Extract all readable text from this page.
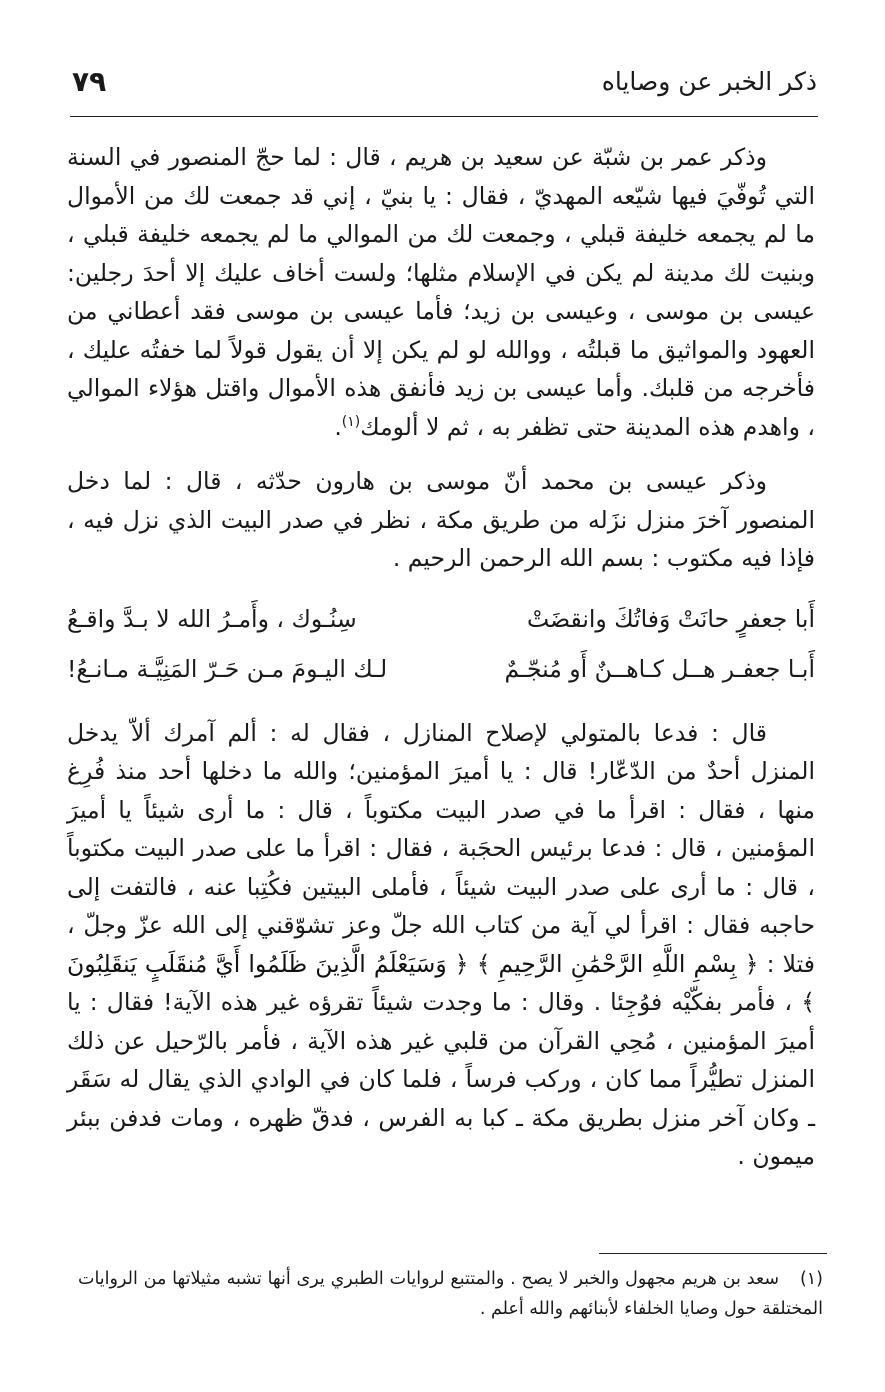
ذكر الخبر عن وصاياه
٧٩

وذكر عمر بن شبّة عن سعيد بن هريم ، قال : لما حجّ المنصور في السنة التي تُوفّيَ فيها شيّعه المهديّ ، فقال : يا بنيّ ، إني قد جمعت لك من الأموال ما لم يجمعه خليفة قبلي ، وجمعت لك من الموالي ما لم يجمعه خليفة قبلي ، وبنيت لك مدينة لم يكن في الإسلام مثلها؛ ولست أخاف عليك إلا أحدَ رجلين: عيسى بن موسى ، وعيسى بن زيد؛ فأما عيسى بن موسى فقد أعطاني من العهود والمواثيق ما قبلتُه ، ووالله لو لم يكن إلا أن يقول قولاً لما خفتُه عليك ، فأخرجه من قلبك. وأما عيسى بن زيد فأنفق هذه الأموال واقتل هؤلاء الموالي ، واهدم هذه المدينة حتى تظفر به ، ثم لا ألومك$^{(١)}$.

وذكر عيسى بن محمد أنّ موسى بن هارون حدّثه ، قال : لما دخل المنصور آخرَ منزل نزَله من طريق مكة ، نظر في صدر البيت الذي نزل فيه ، فإذا فيه مكتوب : بسم الله الرحمن الرحيم .

أَبا جعفرٍ حانَتْ وَفاتُكَ وانقضَتْ
سِنُـوك ، وأَمـرُ الله لا بـدَّ واقـعُ
أَبـا جعفـر هــل كـاهــنٌ أَو مُنجّـمٌ
لـك اليـومَ مـن حَـرّ المَنِيَّـة مـانـعُ!

قال : فدعا بالمتولي لإصلاح المنازل ، فقال له : ألم آمرك ألاّ يدخل المنزل أحدٌ من الدّعّار! قال : يا أميرَ المؤمنين؛ والله ما دخلها أحد منذ فُرِغ منها ، فقال : اقرأ ما في صدر البيت مكتوباً ، قال : ما أرى شيئاً يا أميرَ المؤمنين ، قال : فدعا برئيس الحجَبة ، فقال : اقرأ ما على صدر البيت مكتوباً ، قال : ما أرى على صدر البيت شيئاً ، فأملى البيتين فكُتِبا عنه ، فالتفت إلى حاجبه فقال : اقرأ لي آية من كتاب الله جلّ وعز تشوّقني إلى الله عزّ وجلّ ، فتلا : ﴿ بِسْمِ اللَّهِ الرَّحْمَٰنِ الرَّحِيمِ ﴾ ﴿ وَسَيَعْلَمُ الَّذِينَ ظَلَمُوا أَيَّ مُنقَلَبٍ يَنقَلِبُونَ ﴾ ، فأمر بفكّيْه فوُجِئا . وقال : ما وجدت شيئاً تقرؤه غير هذه الآية! فقال : يا أميرَ المؤمنين ، مُحِي القرآن من قلبي غير هذه الآية ، فأمر بالرّحيل عن ذلك المنزل تطيُّراً مما كان ، وركب فرساً ، فلما كان في الوادي الذي يقال له سَقَر ـ وكان آخر منزل بطريق مكة ـ كبا به الفرس ، فدقّ ظهره ، ومات فدفن ببئر ميمون .

(١)سعد بن هريم مجهول والخبر لا يصح . والمتتبع لروايات الطبري يرى أنها تشبه مثيلاتها من الروايات المختلقة حول وصايا الخلفاء لأبنائهم والله أعلم .
